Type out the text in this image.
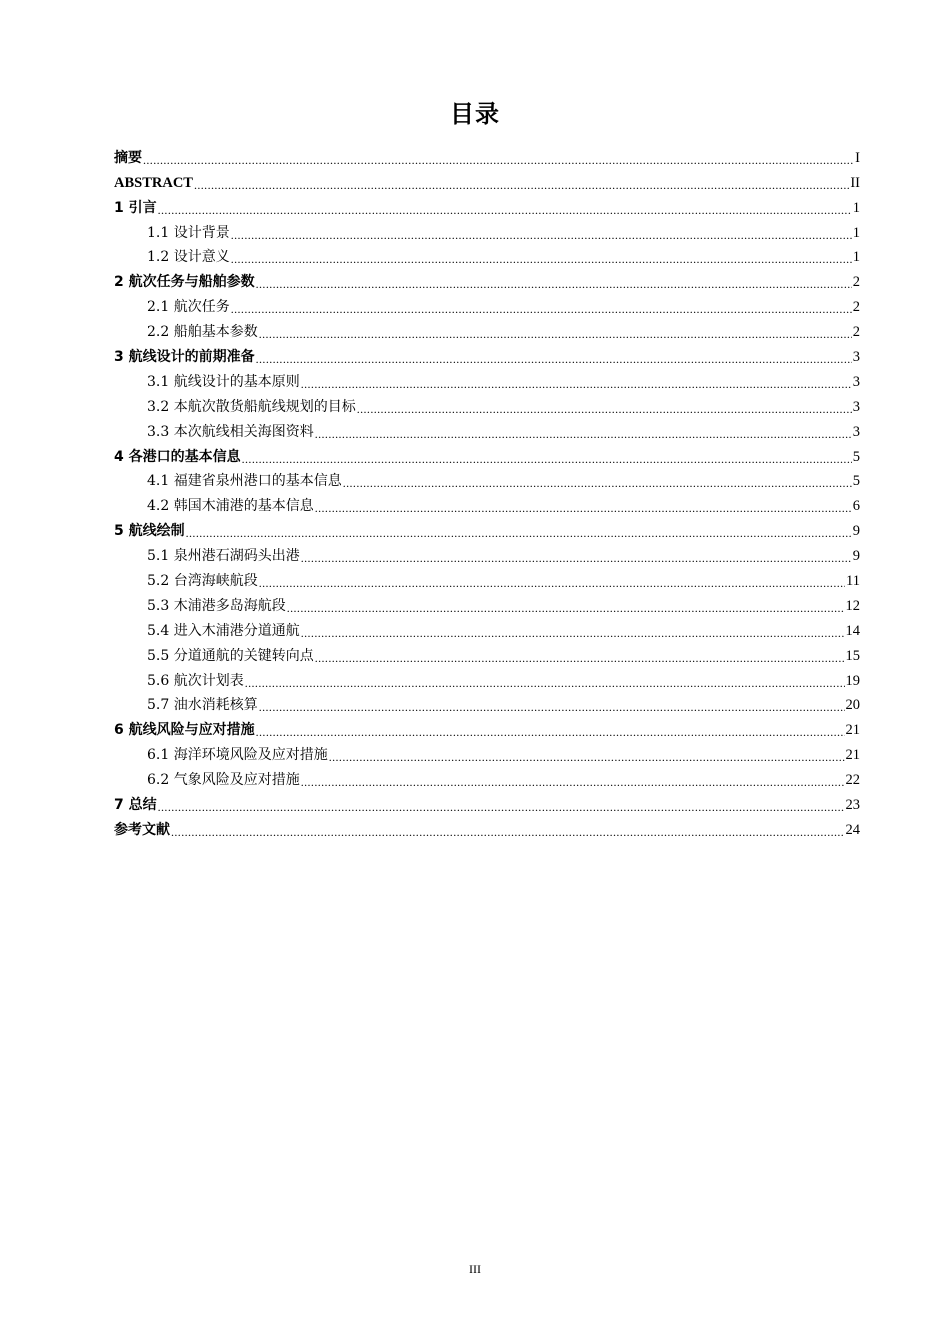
目录
摘要 .....	I
ABSTRACT .....	II
1 引言 .....	1
1.1 设计背景 .....	1
1.2 设计意义 .....	1
2 航次任务与船舶参数 .....	2
2.1 航次任务 .....	2
2.2 船舶基本参数 .....	2
3 航线设计的前期准备 .....	3
3.1 航线设计的基本原则 .....	3
3.2 本航次散货船航线规划的目标 .....	3
3.3 本次航线相关海图资料 .....	3
4 各港口的基本信息 .....	5
4.1 福建省泉州港口的基本信息 .....	5
4.2 韩国木浦港的基本信息 .....	6
5 航线绘制 .....	9
5.1 泉州港石湖码头出港 .....	9
5.2 台湾海峡航段 .....	11
5.3 木浦港多岛海航段 .....	12
5.4 进入木浦港分道通航 .....	14
5.5 分道通航的关键转向点 .....	15
5.6 航次计划表 .....	19
5.7 油水消耗核算 .....	20
6 航线风险与应对措施 .....	21
6.1 海洋环境风险及应对措施 .....	21
6.2 气象风险及应对措施 .....	22
7 总结 .....	23
参考文献 .....	24
III
